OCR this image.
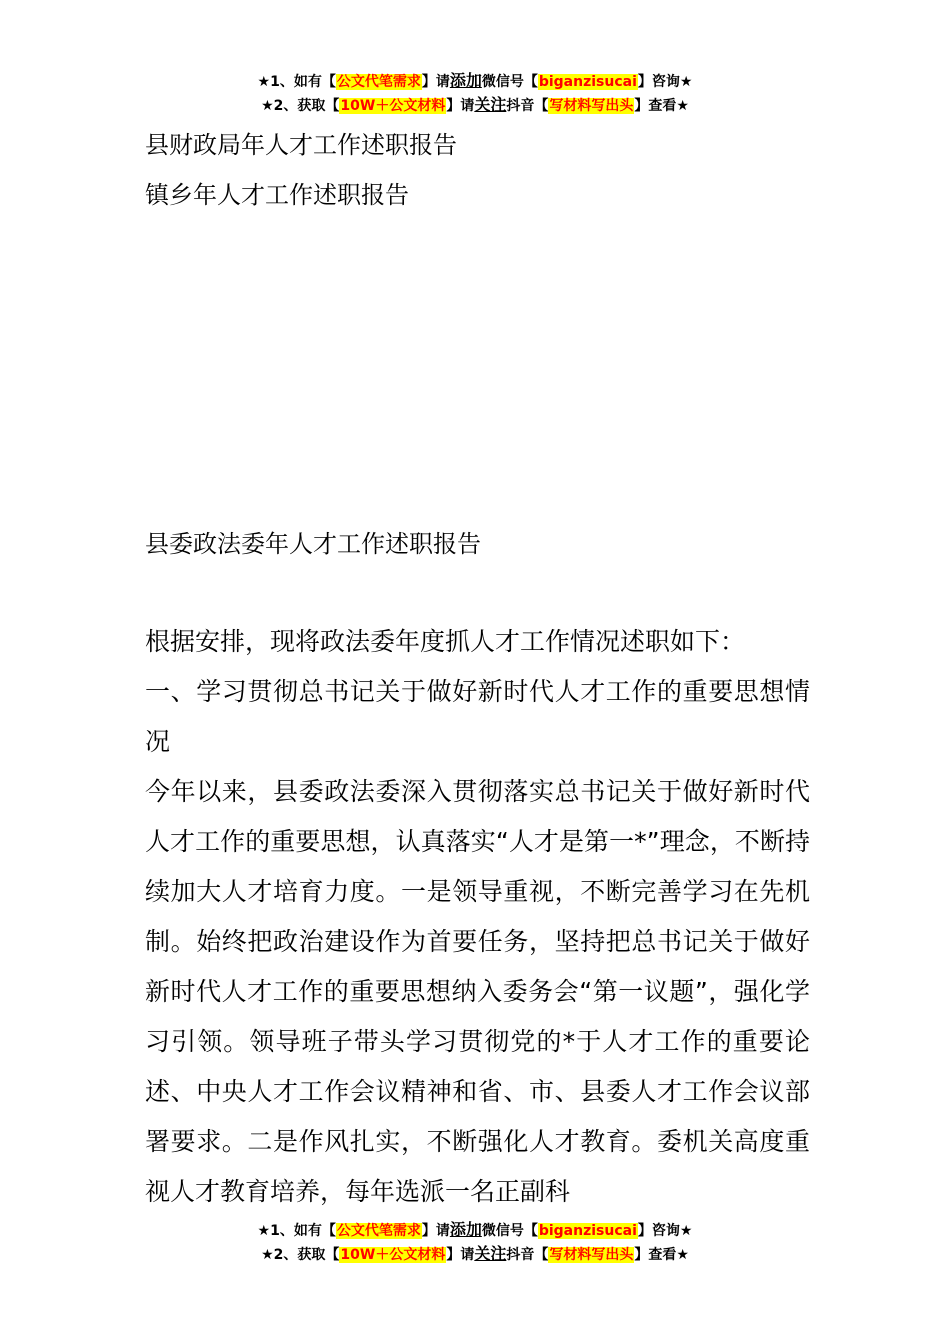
★1、如有【公文代笔需求】请添加微信号【biganzisucai】咨询★
★2、获取【10W＋公文材料】请关注抖音【写材料写出头】查看★
县财政局年人才工作述职报告
镇乡年人才工作述职报告
县委政法委年人才工作述职报告

根据安排，现将政法委年度抓人才工作情况述职如下：

一、学习贯彻总书记关于做好新时代人才工作的重要思想情况

今年以来，县委政法委深入贯彻落实总书记关于做好新时代人才工作的重要思想，认真落实“人才是第一*”理念，不断持续加大人才培育力度。一是领导重视，不断完善学习在先机制。始终把政治建设作为首要任务，坚持把总书记关于做好新时代人才工作的重要思想纳入委务会“第一议题”，强化学习引领。领导班子带头学习贯彻党的*于人才工作的重要论述、中央人才工作会议精神和省、市、县委人才工作会议部署要求。二是作风扎实，不断强化人才教育。委机关高度重视人才教育培养，每年选派一名正副科

★1、如有【公文代笔需求】请添加微信号【biganzisucai】咨询★
★2、获取【10W＋公文材料】请关注抖音【写材料写出头】查看★
